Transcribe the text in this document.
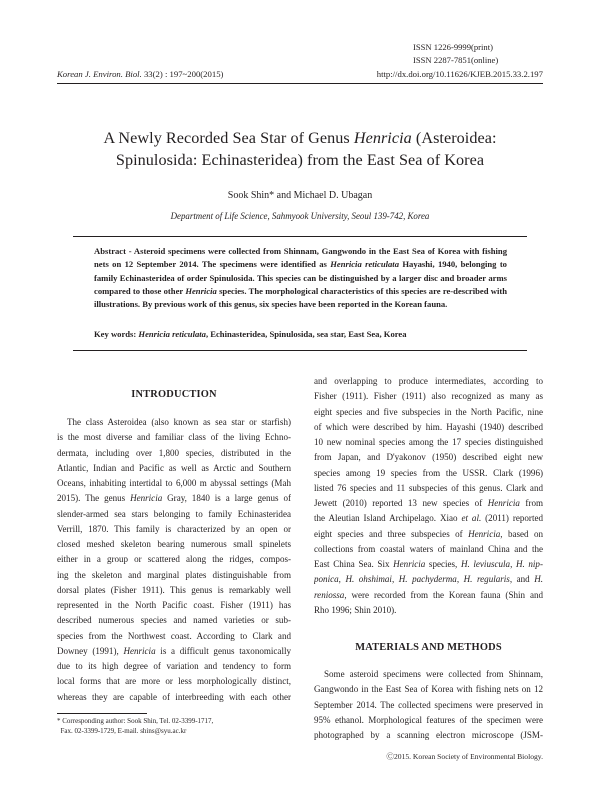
ISSN 1226-9999(print)
ISSN 2287-7851(online)
Korean J. Environ. Biol. 33(2) : 197~200(2015)	http://dx.doi.org/10.11626/KJEB.2015.33.2.197
A Newly Recorded Sea Star of Genus Henricia (Asteroidea:
Spinulosida: Echinasteridea) from the East Sea of Korea
Sook Shin* and Michael D. Ubagan
Department of Life Science, Sahmyook University, Seoul 139-742, Korea
Abstract - Asteroid specimens were collected from Shinnam, Gangwondo in the East Sea of Korea with fishing nets on 12 September 2014. The specimens were identified as Henricia reticulata Hayashi, 1940, belonging to family Echinasteridea of order Spinulosida. This species can be distinguished by a larger disc and broader arms compared to those other Henricia species. The morphological characteristics of this species are re-described with illustrations. By previous work of this genus, six species have been reported in the Korean fauna.
Key words: Henricia reticulata, Echinasteridea, Spinulosida, sea star, East Sea, Korea
INTRODUCTION
The class Asteroidea (also known as sea star or starfish)
is the most diverse and familiar class of the living Echno-
dermata, including over 1,800 species, distributed in the
Atlantic, Indian and Pacific as well as Arctic and Southern
Oceans, inhabiting intertidal to 6,000 m abyssal settings (Mah
2015). The genus Henricia Gray, 1840 is a large genus of
slender-armed sea stars belonging to family Echinasteridea
Verrill, 1870. This family is characterized by an open or
closed meshed skeleton bearing numerous small spinelets
either in a group or scattered along the ridges, compos-
ing the skeleton and marginal plates distinguishable from
dorsal plates (Fisher 1911). This genus is remarkably well
represented in the North Pacific coast. Fisher (1911) has
described numerous species and named varieties or sub-
species from the Northwest coast. According to Clark and
Downey (1991), Henricia is a difficult genus taxonomically
due to its high degree of variation and tendency to form
local forms that are more or less morphologically distinct,
whereas they are capable of interbreeding with each other
and overlapping to produce intermediates, according to
Fisher (1911). Fisher (1911) also recognized as many as
eight species and five subspecies in the North Pacific, nine
of which were described by him. Hayashi (1940) described
10 new nominal species among the 17 species distinguished
from Japan, and D'yakonov (1950) described eight new
species among 19 species from the USSR. Clark (1996)
listed 76 species and 11 subspecies of this genus. Clark and
Jewett (2010) reported 13 new species of Henricia from
the Aleutian Island Archipelago. Xiao et al. (2011) reported
eight species and three subspecies of Henricia, based on
collections from coastal waters of mainland China and the
East China Sea. Six Henricia species, H. leviuscula, H. nip-
ponica, H. ohshimai, H. pachyderma, H. regularis, and H.
reniossa, were recorded from the Korean fauna (Shin and
Rho 1996; Shin 2010).
MATERIALS AND METHODS
Some asteroid specimens were collected from Shinnam,
Gangwondo in the East Sea of Korea with fishing nets on 12
September 2014. The collected specimens were preserved in
95% ethanol. Morphological features of the specimen were
photographed by a scanning electron microscope (JSM-
* Corresponding author: Sook Shin, Tel. 02-3399-1717,
Fax. 02-3399-1729, E-mail. shins@syu.ac.kr
Ⓒ2015. Korean Society of Environmental Biology.
